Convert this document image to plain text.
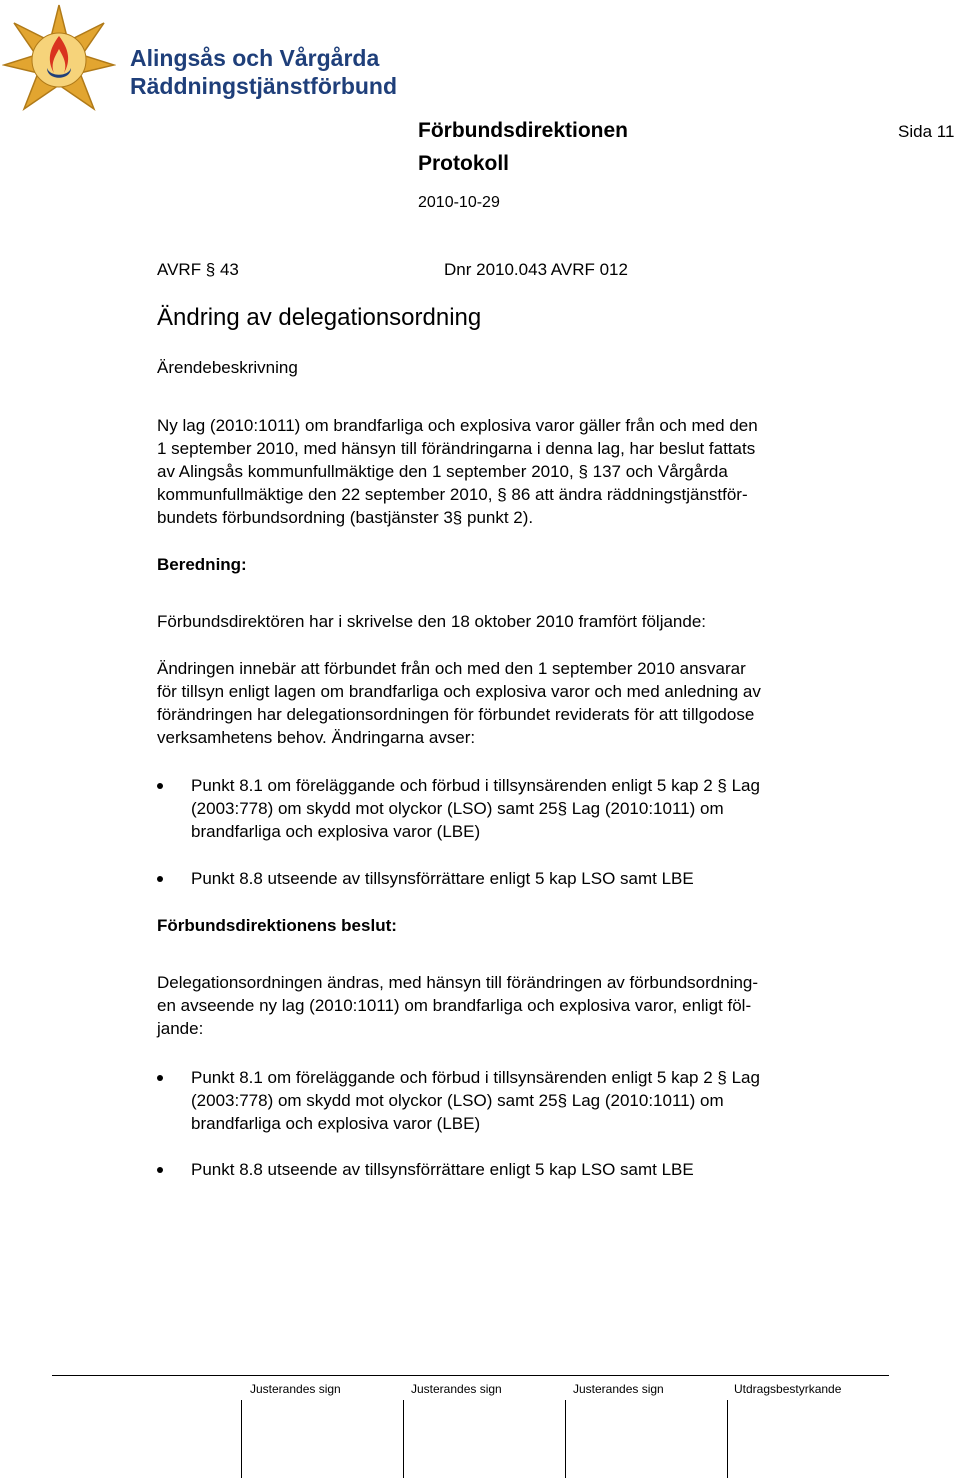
Alingsås och Vårgårda
Räddningstjänstförbund
Förbundsdirektionen
Protokoll
2010-10-29
Sida 11
AVRF § 43	Dnr 2010.043 AVRF 012
Ändring av delegationsordning
Ärendebeskrivning
Ny lag (2010:1011) om brandfarliga och explosiva varor gäller från och med den
1 september 2010, med hänsyn till förändringarna i denna lag, har beslut fattats
av Alingsås kommunfullmäktige den 1 september 2010, § 137 och Vårgårda
kommunfullmäktige den 22 september 2010, § 86 att ändra räddningstjänstför-
bundets förbundsordning (bastjänster 3§ punkt 2).
Beredning:
Förbundsdirektören har i skrivelse den 18 oktober 2010 framfört följande:
Ändringen innebär att förbundet från och med den 1 september 2010 ansvarar
för tillsyn enligt lagen om brandfarliga och explosiva varor och med anledning av
förändringen har delegationsordningen för förbundet reviderats för att tillgodose
verksamhetens behov. Ändringarna avser:
Punkt 8.1 om föreläggande och förbud i tillsynsärenden enligt 5 kap 2 § Lag
(2003:778) om skydd mot olyckor (LSO) samt 25§ Lag (2010:1011) om
brandfarliga och explosiva varor (LBE)
Punkt 8.8 utseende av tillsynsförrättare enligt 5 kap LSO samt LBE
Förbundsdirektionens beslut:
Delegationsordningen ändras, med hänsyn till förändringen av förbundsordning-
en avseende ny lag (2010:1011) om brandfarliga och explosiva varor, enligt föl-
jande:
Punkt 8.1 om föreläggande och förbud i tillsynsärenden enligt 5 kap 2 § Lag
(2003:778) om skydd mot olyckor (LSO) samt 25§ Lag (2010:1011) om
brandfarliga och explosiva varor (LBE)
Punkt 8.8 utseende av tillsynsförrättare enligt 5 kap LSO samt LBE
Justerandes sign	Justerandes sign	Justerandes sign	Utdragsbestyrkande
